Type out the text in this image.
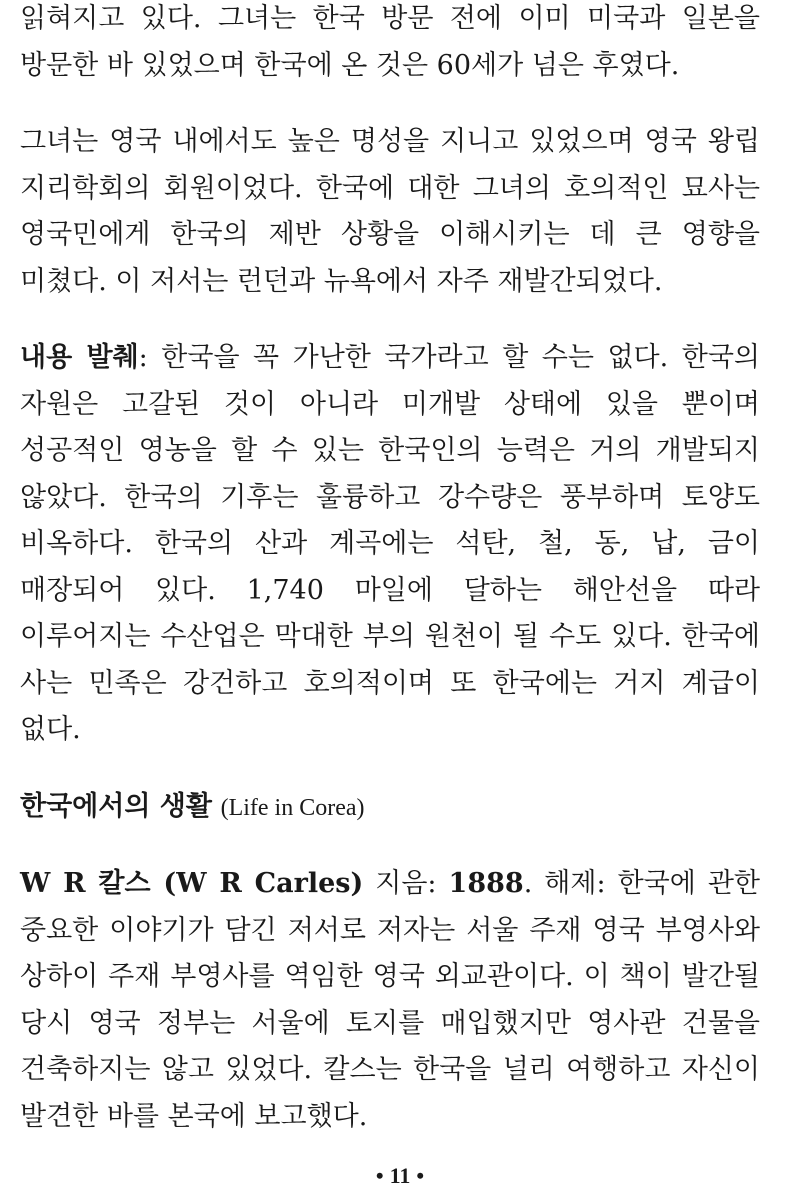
읽혀지고 있다. 그녀는 한국 방문 전에 이미 미국과 일본을 방문한 바 있었으며 한국에 온 것은 60세가 넘은 후였다.

그녀는 영국 내에서도 높은 명성을 지니고 있었으며 영국 왕립 지리학회의 회원이었다. 한국에 대한 그녀의 호의적인 묘사는 영국민에게 한국의 제반 상황을 이해시키는 데 큰 영향을 미쳤다. 이 저서는 런던과 뉴욕에서 자주 재발간되었다.

내용 발췌: 한국을 꼭 가난한 국가라고 할 수는 없다. 한국의 자원은 고갈된 것이 아니라 미개발 상태에 있을 뿐이며 성공적인 영농을 할 수 있는 한국인의 능력은 거의 개발되지 않았다. 한국의 기후는 훌륭하고 강수량은 풍부하며 토양도 비옥하다. 한국의 산과 계곡에는 석탄, 철, 동, 납, 금이 매장되어 있다. 1,740 마일에 달하는 해안선을 따라 이루어지는 수산업은 막대한 부의 원천이 될 수도 있다. 한국에 사는 민족은 강건하고 호의적이며 또 한국에는 거지 계급이 없다.

한국에서의 생활 (Life in Corea)

W R 칼스 (W R Carles) 지음: 1888. 해제: 한국에 관한 중요한 이야기가 담긴 저서로 저자는 서울 주재 영국 부영사와 상하이 주재 부영사를 역임한 영국 외교관이다. 이 책이 발간될 당시 영국 정부는 서울에 토지를 매입했지만 영사관 건물을 건축하지는 않고 있었다. 칼스는 한국을 널리 여행하고 자신이 발견한 바를 본국에 보고했다.

• 11 •
